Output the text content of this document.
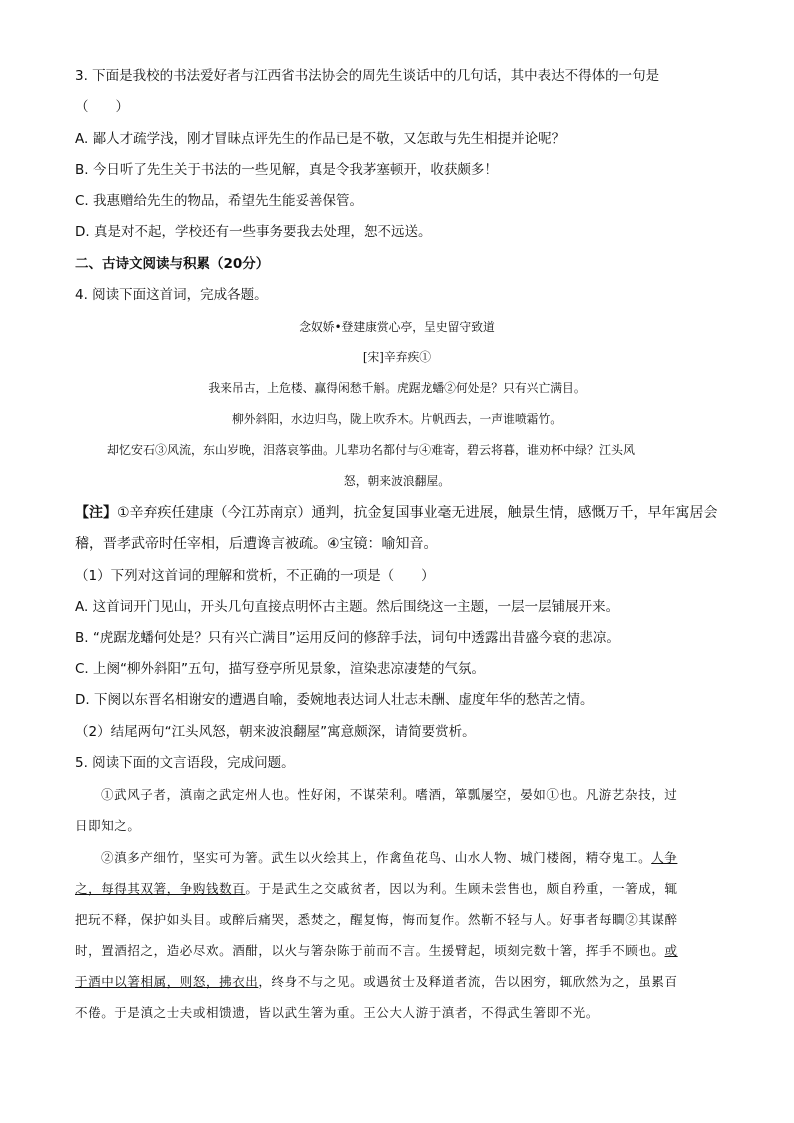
3. 下面是我校的书法爱好者与江西省书法协会的周先生谈话中的几句话，其中表达不得体的一句是
（　　）
A. 鄙人才疏学浅，刚才冒昧点评先生的作品已是不敬，又怎敢与先生相提并论呢？
B. 今日听了先生关于书法的一些见解，真是令我茅塞顿开，收获颇多！
C. 我惠赠给先生的物品，希望先生能妥善保管。
D. 真是对不起，学校还有一些事务要我去处理，恕不远送。
二、古诗文阅读与积累（20分）
4. 阅读下面这首词，完成各题。
念奴娇•登建康赏心亭，呈史留守致道
[宋]辛弃疾①
我来吊古，上危楼、赢得闲愁千斛。虎踞龙蟠②何处是？只有兴亡满目。
柳外斜阳，水边归鸟，陇上吹乔木。片帆西去，一声谁喷霜竹。
却忆安石③风流，东山岁晚，泪落哀筝曲。儿辈功名都付与④难寄，碧云将暮，谁劝杯中绿？江头风
怒，朝来波浪翻屋。
【注】①辛弃疾任建康（今江苏南京）通判，抗金复国事业毫无进展，触景生情，感慨万千，早年寓居会
稽，晋孝武帝时任宰相，后遭谗言被疏。④宝镜：喻知音。
（1）下列对这首词的理解和赏析，不正确的一项是（　　）
A. 这首词开门见山，开头几句直接点明怀古主题。然后围绕这一主题，一层一层铺展开来。
B. “虎踞龙蟠何处是？只有兴亡满目”运用反问的修辞手法，词句中透露出昔盛今衰的悲凉。
C. 上阕“柳外斜阳”五句，描写登亭所见景象，渲染悲凉凄楚的气氛。
D. 下阕以东晋名相谢安的遭遇自喻，委婉地表达词人壮志未酬、虚度年华的愁苦之情。
（2）结尾两句“江头风怒，朝来波浪翻屋”寓意颇深，请简要赏析。
5. 阅读下面的文言语段，完成问题。
①武风子者，滇南之武定州人也。性好闲，不谋荣利。嗜酒，箪瓢屡空，晏如①也。凡游艺杂技，过
日即知之。
②滇多产细竹，坚实可为箸。武生以火绘其上，作禽鱼花鸟、山水人物、城门楼阁，精夺鬼工。人争
之，每得其双箸，争购钱数百。于是武生之交戚贫者，因以为利。生顾未尝售也，颇自矜重，一箸成，辄
把玩不释，保护如头目。或醉后痛哭，悉焚之，醒复悔，悔而复作。然靳不轻与人。好事者每瞷②其谋醉
时，置酒招之，造必尽欢。酒酣，以火与箸杂陈于前而不言。生援臂起，顷刻完数十箸，挥手不顾也。或
于酒中以箸相属，则怒，拂衣出，终身不与之见。或遇贫士及释道者流，告以困穷，辄欣然为之，虽累百
不倦。于是滇之士夫或相馈遗，皆以武生箸为重。王公大人游于滇者，不得武生箸即不光。
